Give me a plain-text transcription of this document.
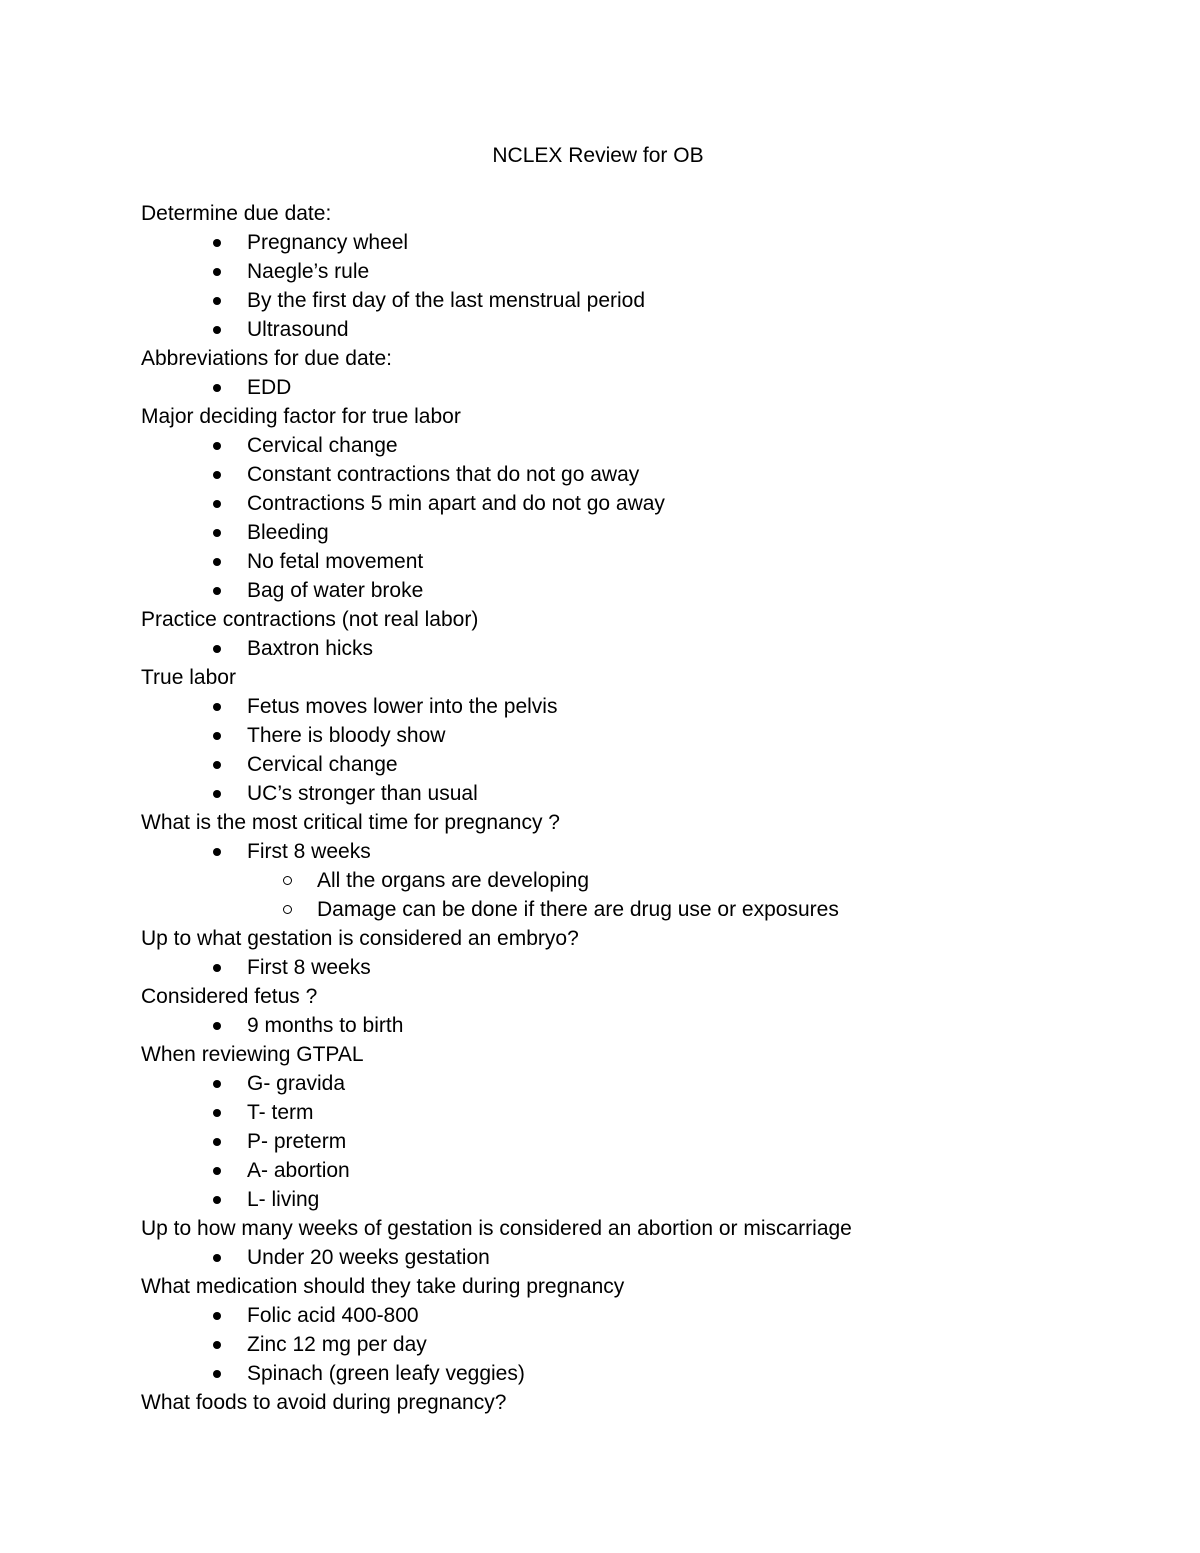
NCLEX Review for OB
Determine due date:
Pregnancy wheel
Naegle’s rule
By the first day of the last menstrual period
Ultrasound
Abbreviations for due date:
EDD
Major deciding factor for true labor
Cervical change
Constant contractions that do not go away
Contractions 5 min apart and do not go away
Bleeding
No fetal movement
Bag of water broke
Practice contractions (not real labor)
Baxtron hicks
True labor
Fetus moves lower into the pelvis
There is bloody show
Cervical change
UC’s stronger than usual
What is the most critical time for pregnancy ?
First 8 weeks
All the organs are developing
Damage can be done if there are drug use or exposures
Up to what gestation is considered an embryo?
First 8 weeks
Considered fetus ?
9 months to birth
When reviewing GTPAL
G- gravida
T- term
P- preterm
A- abortion
L- living
Up to how many weeks of gestation is considered an abortion or miscarriage
Under 20 weeks gestation
What medication should they take during pregnancy
Folic acid 400-800
Zinc 12 mg per day
Spinach (green leafy veggies)
What foods to avoid during pregnancy?
